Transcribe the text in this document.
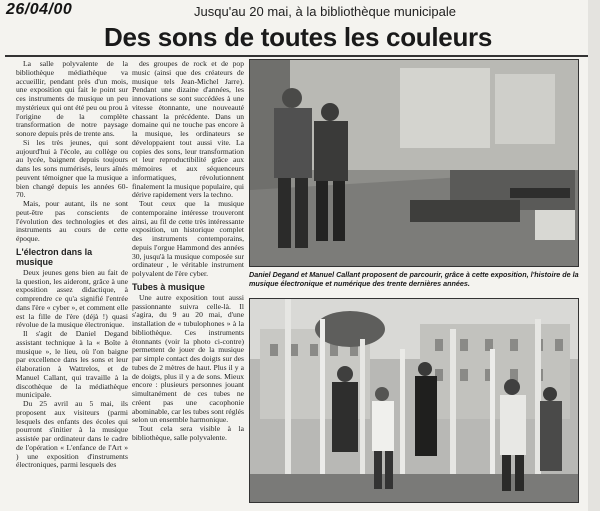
26/04/00	Jusqu'au 20 mai, à la bibliothèque municipale
Des sons de toutes les couleurs

La salle polyvalente de la bibliothèque médiathèque va accueillir, pendant près d'un mois, une exposition qui fait le point sur ces instruments de musique un peu mystérieux qui ont été peu ou prou à l'origine de la complète transformation de notre paysage sonore depuis près de trente ans.

Si les très jeunes, qui sont aujourd'hui à l'école, au collège ou au lycée, baignent depuis toujours dans les sons numérisés, leurs aînés peuvent témoigner que la musique a bien changé depuis les années 60-70.

Mais, pour autant, ils ne sont peut-être pas conscients de l'évolution des technologies et des instruments au cours de cette époque.

L'électron dans la musique

Deux jeunes gens bien au fait de la question, les aideront, grâce à une exposition assez didactique, à comprendre ce qu'a signifié l'entrée dans l'ère « cyber », et comment elle est la fille de l'ère (déjà !) quasi révolue de la musique électronique.

Il s'agit de Daniel Degand assistant technique à la « Boîte à musique », le lieu, où l'on baigne par excellence dans les sons et leur élaboration à Wattrelos, et de Manuel Callant, qui travaille à la discothèque de la médiathèque municipale.

Du 25 avril au 5 mai, ils proposent aux visiteurs (parmi lesquels des enfants des écoles qui pourront s'initier à la musique assistée par ordinateur dans le cadre de l'opération « L'enfance de l'Art » ) une exposition d'instruments électroniques, parmi lesquels des

des groupes de rock et de pop music (ainsi que des créateurs de musique tels Jean-Michel Jarre). Pendant une dizaine d'années, les innovations se sont succédées à une vitesse étonnante, une nouveauté chassant la précédente. Dans un domaine qui ne touche pas encore à la musique, les ordinateurs se développaient tout aussi vite. La copies des sons, leur transformation et leur reproductibilité grâce aux mémoires et aux séquenceurs informatiques, révolutionnent finalement la musique populaire, qui dérive rapidement vers la techno.

Tout ceux que la musique contemporaine intéresse trouveront ainsi, au fil de cette très intéressante exposition, un historique complet des instruments contemporains, depuis l'orgue Hammond des années 30, jusqu'à la musique composée sur ordinateur , le véritable instrument polyvalent de l'ère cyber.

Tubes à musique

Une autre exposition tout aussi passionnante suivra celle-là. Il s'agira, du 9 au 20 mai, d'une installation de « tubulophones » à la bibliothèque. Ces instruments étonnants (voir la photo ci-contre) permettent de jouer de la musique par simple contact des doigts sur des tubes de 2 mètres de haut. Plus il y a de doigts, plus il y a de sons. Mieux encore : plusieurs personnes jouant simultanément de ces tubes ne créent pas une cacophonie abominable, car les tubes sont réglés selon un ensemble harmonique.

Tout cela sera visible à la bibliothèque, salle polyvalente.

Daniel Degand et Manuel Callant proposent de parcourir, grâce à cette exposition, l'histoire de la musique électronique et numérique des trente dernières années.
